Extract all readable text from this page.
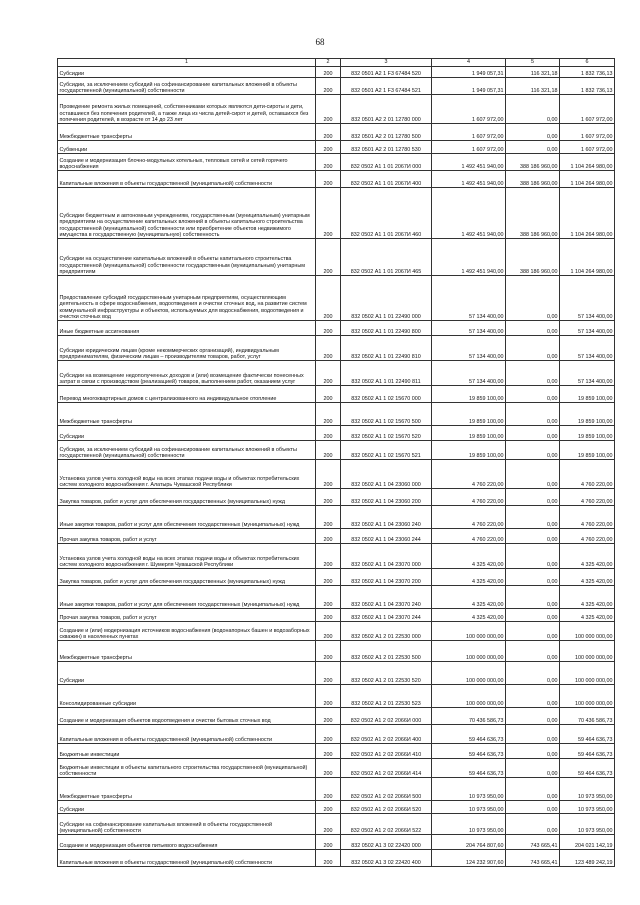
68
1	2	3	4	5	6
Субсидии	200	832 0501 А2 1 F3 67484 520	1 949 057,31	116 321,18	1 832 736,13
Субсидии, за исключением субсидий на софинансирование капитальных вложений в объекты государственной (муниципальной) собственности	200	832 0501 А2 1 F3 67484 521	1 949 057,31	116 321,18	1 832 736,13
Проведение ремонта жилых помещений, собственниками которых являются дети-сироты и дети, оставшиеся без попечения родителей, а также лица из числа детей-сирот и детей, оставшихся без попечения родителей, в возрасте от 14 до 23 лет	200	832 0501 А2 2 01 12780 000	1 607 972,00	0,00	1 607 972,00
Межбюджетные трансферты	200	832 0501 А2 2 01 12780 500	1 607 972,00	0,00	1 607 972,00
Субвенции	200	832 0501 А2 2 01 12780 530	1 607 972,00	0,00	1 607 972,00
Создание и модернизация блочно-модульных котельных, тепловых сетей и сетей горячего водоснабжения	200	832 0502 А1 1 01 2067И 000	1 492 451 940,00	388 186 960,00	1 104 264 980,00
Капитальные вложения в объекты государственной (муниципальной) собственности	200	832 0502 А1 1 01 2067И 400	1 492 451 940,00	388 186 960,00	1 104 264 980,00
Субсидии бюджетным и автономным учреждениям, государственным (муниципальным) унитарным предприятиям на осуществление капитальных вложений в объекты капитального строительства государственной (муниципальной) собственности или приобретение объектов недвижимого имущества в государственную (муниципальную) собственность	200	832 0502 А1 1 01 2067И 460	1 492 451 940,00	388 186 960,00	1 104 264 980,00
Субсидии на осуществление капитальных вложений в объекты капитального строительства государственной (муниципальной) собственности государственным (муниципальным) унитарным предприятиям	200	832 0502 А1 1 01 2067И 465	1 492 451 940,00	388 186 960,00	1 104 264 980,00
Предоставление субсидий государственным унитарным предприятиям, осуществляющим деятельность в сфере водоснабжения, водоотведения и очистки сточных вод, на развитие систем коммунальной инфраструктуры и объектов, используемых для водоснабжения, водоотведения и очистки сточных вод	200	832 0502 А1 1 01 22490 000	57 134 400,00	0,00	57 134 400,00
Иные бюджетные ассигнования	200	832 0502 А1 1 01 22490 800	57 134 400,00	0,00	57 134 400,00
Субсидии юридическим лицам (кроме некоммерческих организаций), индивидуальным предпринимателям, физическим лицам – производителям товаров, работ, услуг	200	832 0502 А1 1 01 22490 810	57 134 400,00	0,00	57 134 400,00
Субсидии на возмещение недополученных доходов и (или) возмещение фактически понесенных затрат в связи с производством (реализацией) товаров, выполнением работ, оказанием услуг	200	832 0502 А1 1 01 22490 811	57 134 400,00	0,00	57 134 400,00
Перевод многоквартирных домов с централизованного на индивидуальное отопление	200	832 0502 А1 1 02 15670 000	19 859 100,00	0,00	19 859 100,00
Межбюджетные трансферты	200	832 0502 А1 1 02 15670 500	19 859 100,00	0,00	19 859 100,00
Субсидии	200	832 0502 А1 1 02 15670 520	19 859 100,00	0,00	19 859 100,00
Субсидии, за исключением субсидий на софинансирование капитальных вложений в объекты государственной (муниципальной) собственности	200	832 0502 А1 1 02 15670 521	19 859 100,00	0,00	19 859 100,00
Установка узлов учета холодной воды на всех этапах подачи воды и объектах потребительских систем холодного водоснабжения г. Алатырь Чувашской Республики	200	832 0502 А1 1 04 23060 000	4 760 220,00	0,00	4 760 220,00
Закупка товаров, работ и услуг для обеспечения государственных (муниципальных) нужд	200	832 0502 А1 1 04 23060 200	4 760 220,00	0,00	4 760 220,00
Иные закупки товаров, работ и услуг для обеспечения государственных (муниципальных) нужд	200	832 0502 А1 1 04 23060 240	4 760 220,00	0,00	4 760 220,00
Прочая закупка товаров, работ и услуг	200	832 0502 А1 1 04 23060 244	4 760 220,00	0,00	4 760 220,00
Установка узлов учета холодной воды на всех этапах подачи воды и объектах потребительских систем холодного водоснабжения г. Шумерля Чувашской Республики	200	832 0502 А1 1 04 23070 000	4 325 420,00	0,00	4 325 420,00
Закупка товаров, работ и услуг для обеспечения государственных (муниципальных) нужд	200	832 0502 А1 1 04 23070 200	4 325 420,00	0,00	4 325 420,00
Иные закупки товаров, работ и услуг для обеспечения государственных (муниципальных) нужд	200	832 0502 А1 1 04 23070 240	4 325 420,00	0,00	4 325 420,00
Прочая закупка товаров, работ и услуг	200	832 0502 А1 1 04 23070 244	4 325 420,00	0,00	4 325 420,00
Создание и (или) модернизация источников водоснабжения (водонапорных башен и водозаборных скважин) в населенных пунктах	200	832 0502 А1 2 01 22530 000	100 000 000,00	0,00	100 000 000,00
Межбюджетные трансферты	200	832 0502 А1 2 01 22530 500	100 000 000,00	0,00	100 000 000,00
Субсидии	200	832 0502 А1 2 01 22530 520	100 000 000,00	0,00	100 000 000,00
Консолидированные субсидии	200	832 0502 А1 2 01 22530 523	100 000 000,00	0,00	100 000 000,00
Создание и модернизация объектов водоотведения и очистки бытовых сточных вод	200	832 0502 А1 2 02 2066И 000	70 436 586,73	0,00	70 436 586,73
Капитальные вложения в объекты государственной (муниципальной) собственности	200	832 0502 А1 2 02 2066И 400	59 464 636,73	0,00	59 464 636,73
Бюджетные инвестиции	200	832 0502 А1 2 02 2066И 410	59 464 636,73	0,00	59 464 636,73
Бюджетные инвестиции в объекты капитального строительства государственной (муниципальной) собственности	200	832 0502 А1 2 02 2066И 414	59 464 636,73	0,00	59 464 636,73
Межбюджетные трансферты	200	832 0502 А1 2 02 2066И 500	10 973 950,00	0,00	10 973 950,00
Субсидии	200	832 0502 А1 2 02 2066И 520	10 973 950,00	0,00	10 973 950,00
Субсидии на софинансирование капитальных вложений в объекты государственной (муниципальной) собственности	200	832 0502 А1 2 02 2066И 522	10 973 950,00	0,00	10 973 950,00
Создание и модернизация объектов питьевого водоснабжения	200	832 0502 А1 3 02 22420 000	204 764 807,60	743 665,41	204 021 142,19
Капитальные вложения в объекты государственной (муниципальной) собственности	200	832 0502 А1 3 02 22420 400	124 232 907,60	743 665,41	123 489 242,19
